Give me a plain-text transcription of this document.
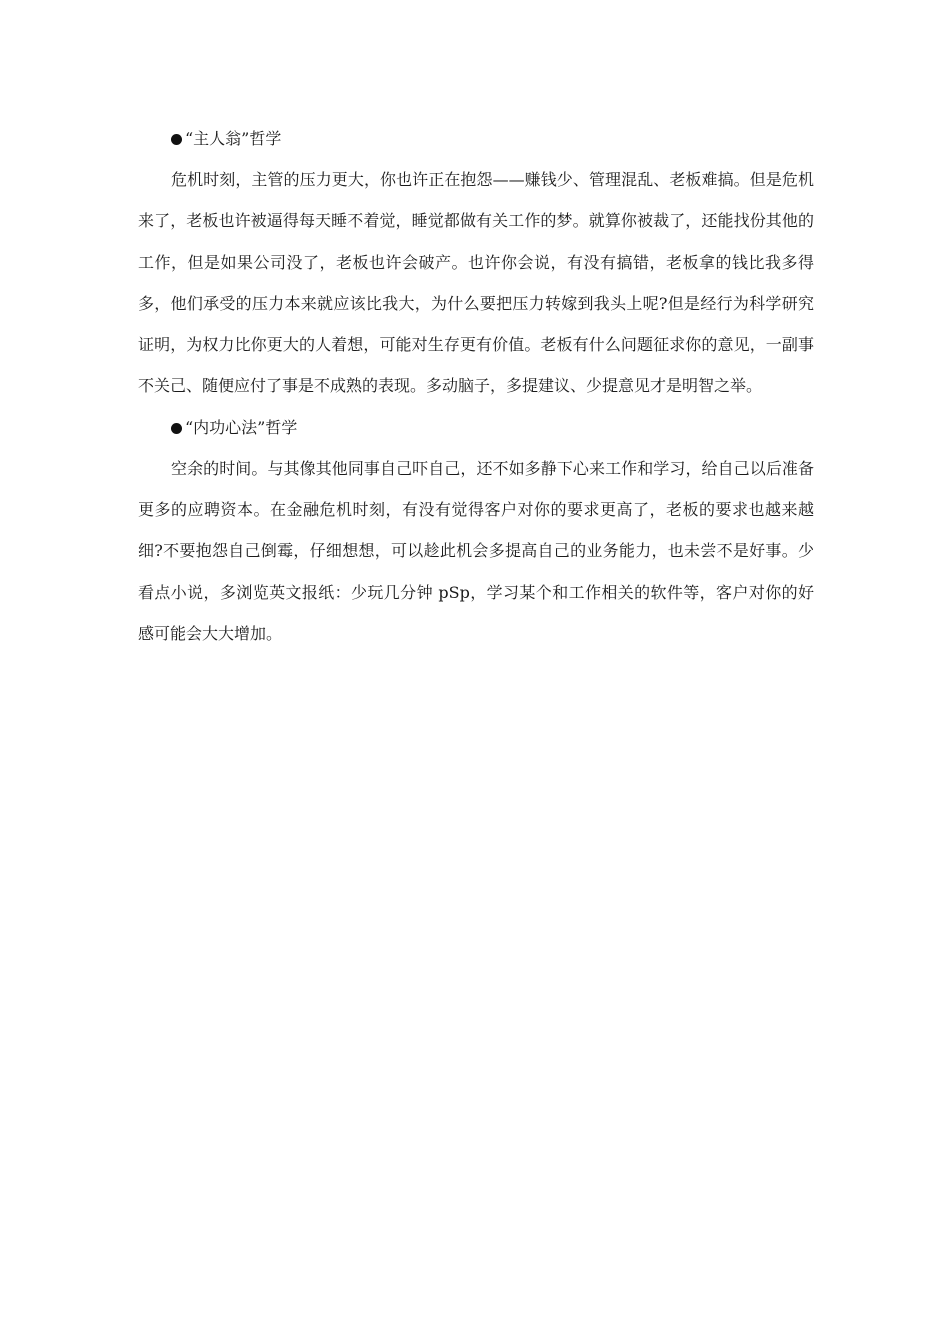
“主人翁”哲学

危机时刻，主管的压力更大，你也许正在抱怨——赚钱少、管理混乱、老板难搞。但是危机来了，老板也许被逼得每天睡不着觉，睡觉都做有关工作的梦。就算你被裁了，还能找份其他的工作，但是如果公司没了，老板也许会破产。也许你会说，有没有搞错，老板拿的钱比我多得多，他们承受的压力本来就应该比我大，为什么要把压力转嫁到我头上呢?但是经行为科学研究证明，为权力比你更大的人着想，可能对生存更有价值。老板有什么问题征求你的意见，一副事不关己、随便应付了事是不成熟的表现。多动脑子，多提建议、少提意见才是明智之举。

“内功心法”哲学

空余的时间。与其像其他同事自己吓自己，还不如多静下心来工作和学习，给自己以后准备更多的应聘资本。在金融危机时刻，有没有觉得客户对你的要求更高了，老板的要求也越来越细?不要抱怨自己倒霉，仔细想想，可以趁此机会多提高自己的业务能力，也未尝不是好事。少看点小说，多浏览英文报纸：少玩几分钟 pSp，学习某个和工作相关的软件等，客户对你的好感可能会大大增加。
